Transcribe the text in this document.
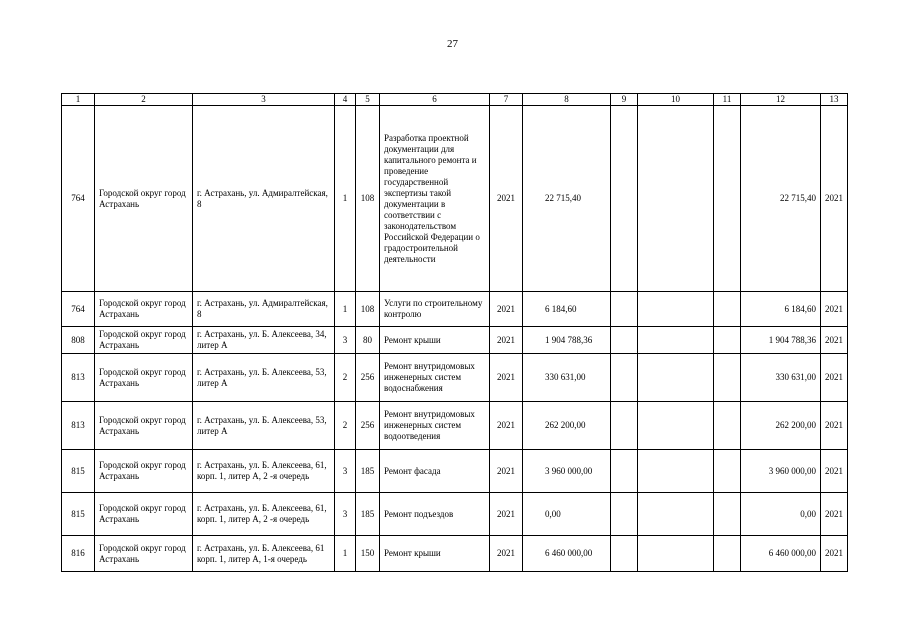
27
1	2	3	4	5	6	7	8	9	10	11	12	13
764	Городской округ город Астрахань	г. Астрахань, ул. Адмиралтейская, 8	1	108	Разработка проектной документации для капитального ремонта и проведение государственной экспертизы такой документации в соответствии с законодательством Российской Федерации о градостроительной деятельности	2021	22 715,40				22 715,40	2021
764	Городской округ город Астрахань	г. Астрахань, ул. Адмиралтейская, 8	1	108	Услуги по строительному контролю	2021	6 184,60				6 184,60	2021
808	Городской округ город Астрахань	г. Астрахань, ул. Б. Алексеева, 34, литер А	3	80	Ремонт крыши	2021	1 904 788,36				1 904 788,36	2021
813	Городской округ город Астрахань	г. Астрахань, ул. Б. Алексеева, 53, литер А	2	256	Ремонт внутридомовых инженерных систем водоснабжения	2021	330 631,00				330 631,00	2021
813	Городской округ город Астрахань	г. Астрахань, ул. Б. Алексеева, 53, литер А	2	256	Ремонт внутридомовых инженерных систем водоотведения	2021	262 200,00				262 200,00	2021
815	Городской округ город Астрахань	г. Астрахань, ул. Б. Алексеева, 61, корп. 1, литер А, 2 -я очередь	3	185	Ремонт фасада	2021	3 960 000,00				3 960 000,00	2021
815	Городской округ город Астрахань	г. Астрахань, ул. Б. Алексеева, 61, корп. 1, литер А, 2 -я очередь	3	185	Ремонт подъездов	2021	0,00				0,00	2021
816	Городской округ город Астрахань	г. Астрахань, ул. Б. Алексеева, 61 корп. 1, литер А, 1-я очередь	1	150	Ремонт крыши	2021	6 460 000,00				6 460 000,00	2021
